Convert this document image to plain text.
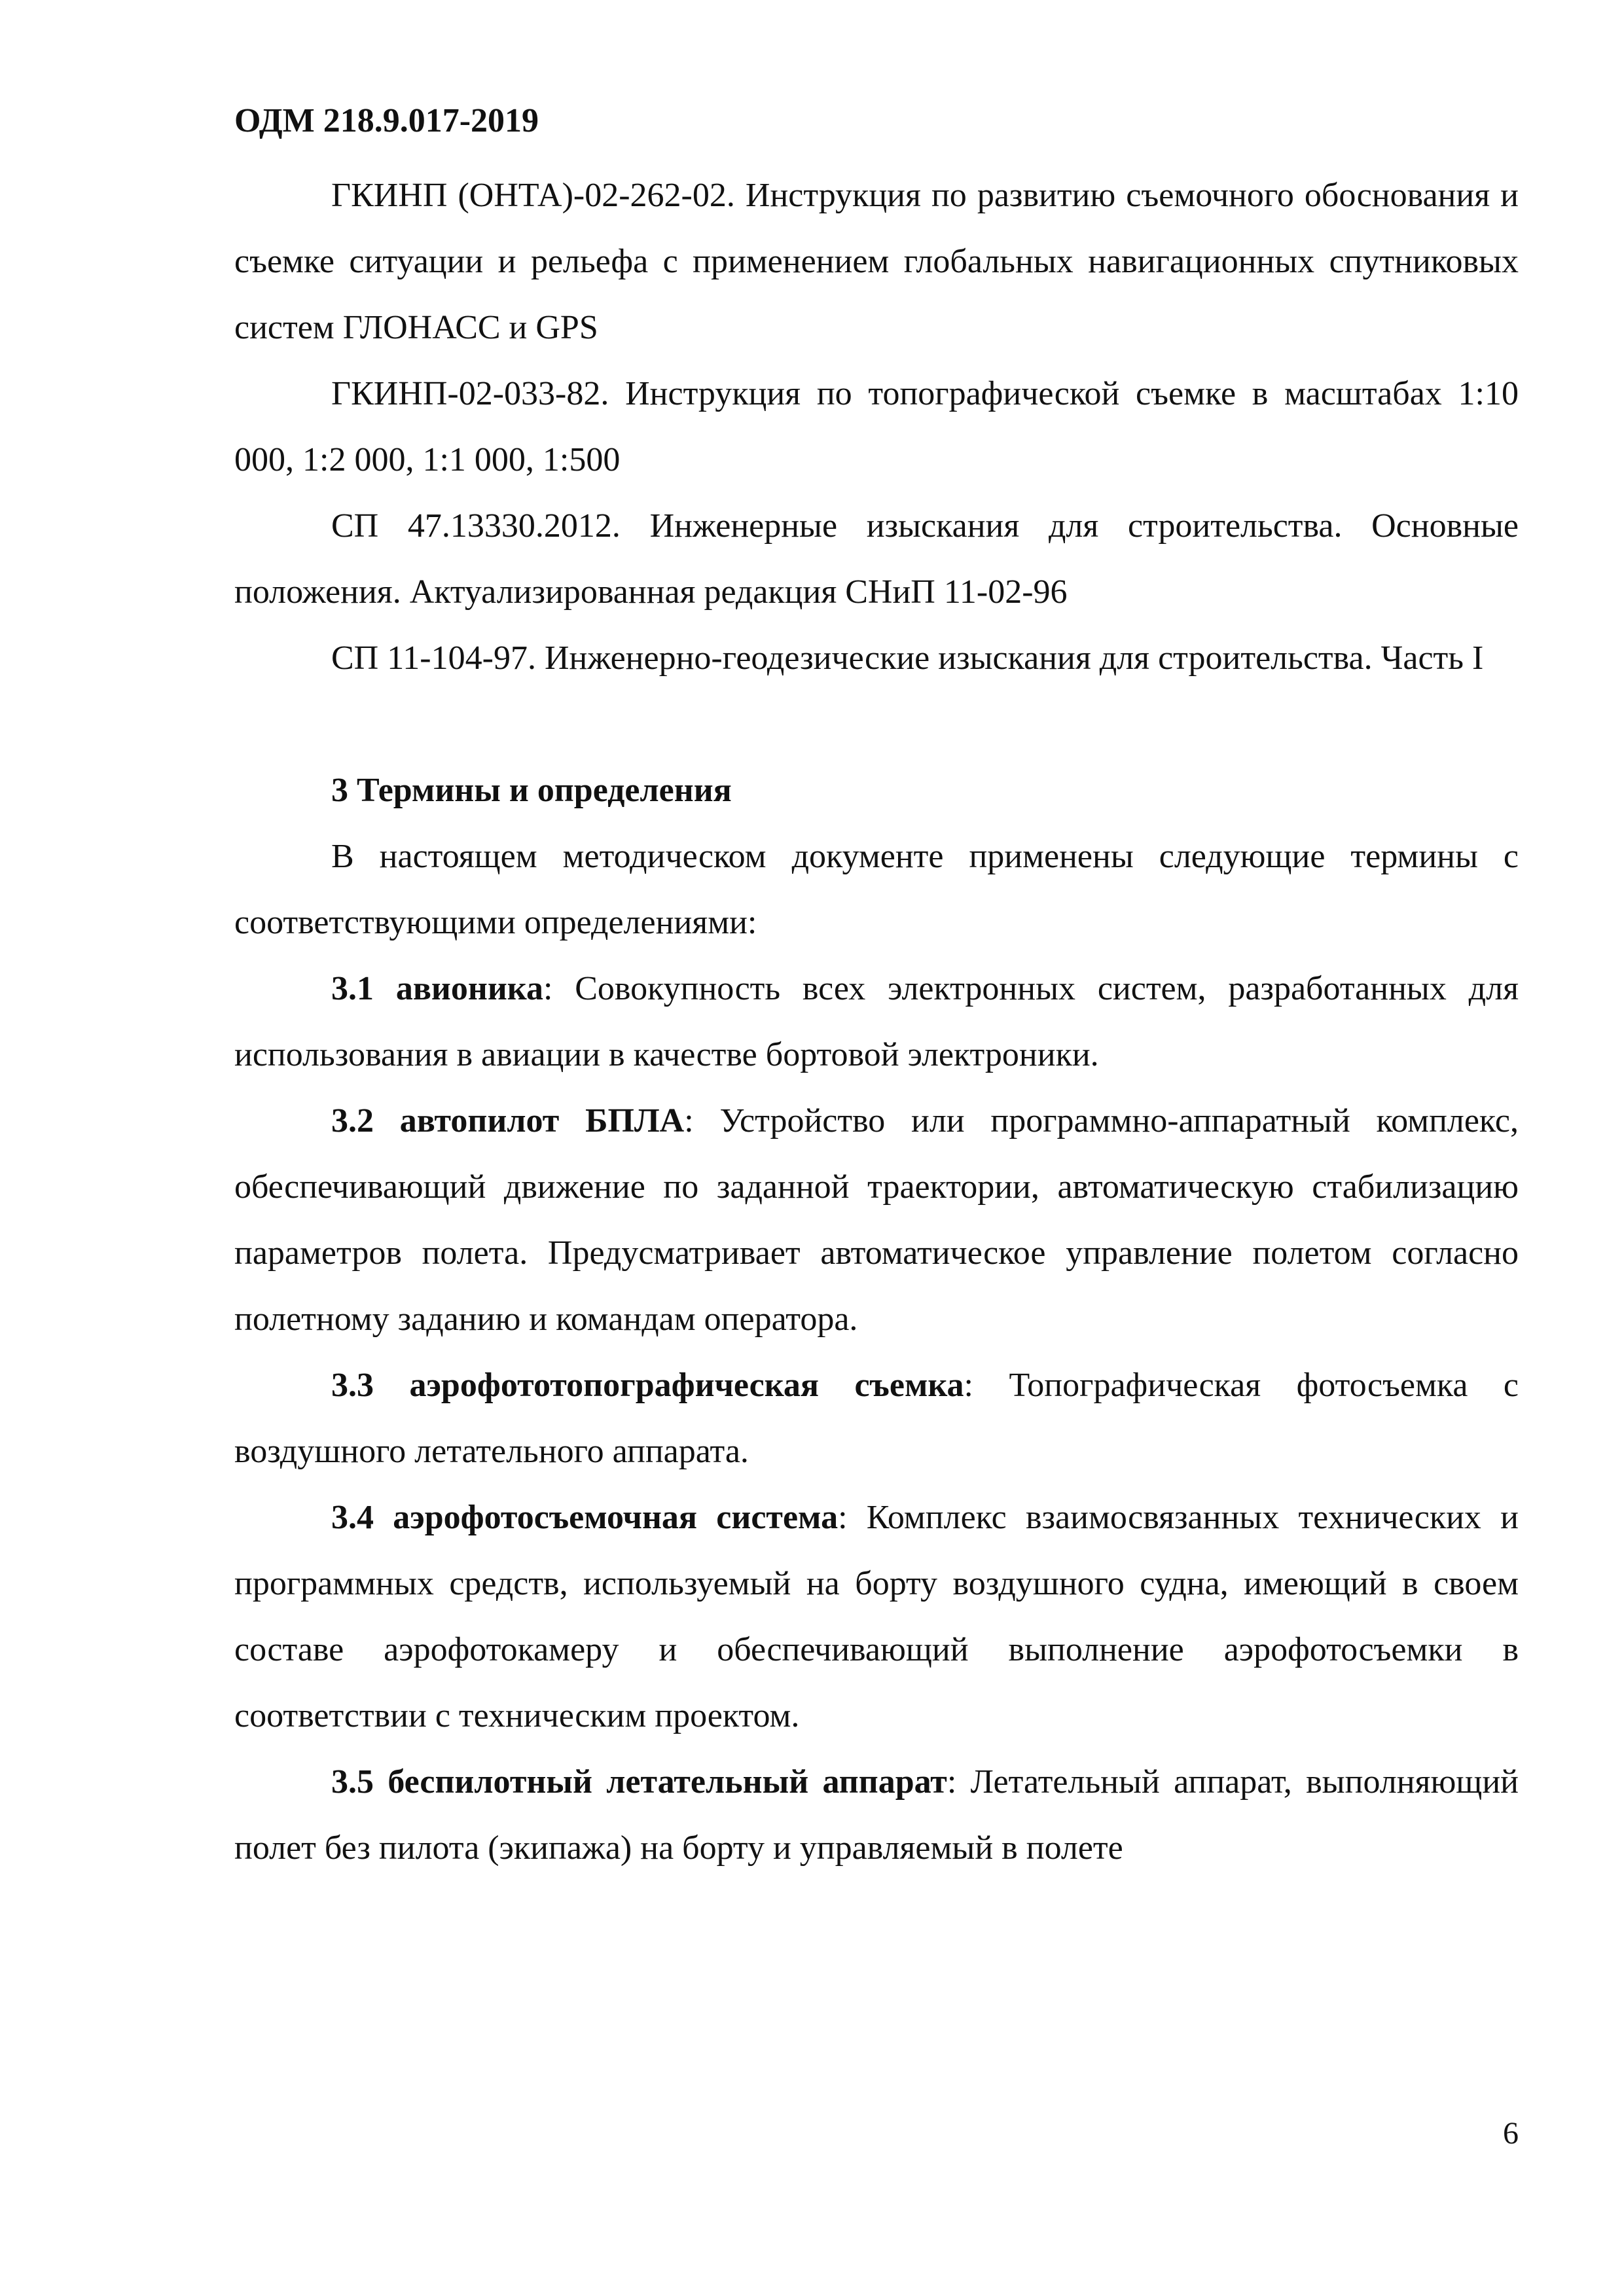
ОДМ 218.9.017-2019

ГКИНП (ОНТА)-02-262-02. Инструкция по развитию съемочного обоснования и съемке ситуации и рельефа с применением глобальных навигационных спутниковых систем ГЛОНАСС и GPS

ГКИНП-02-033-82. Инструкция по топографической съемке в масштабах 1:10 000, 1:2 000, 1:1 000, 1:500

СП 47.13330.2012. Инженерные изыскания для строительства. Основные положения. Актуализированная редакция СНиП 11-02-96

СП 11-104-97. Инженерно-геодезические изыскания для строительства. Часть I

3 Термины и определения

В настоящем методическом документе применены следующие термины с соответствующими определениями:

3.1 авионика: Совокупность всех электронных систем, разработанных для использования в авиации в качестве бортовой электроники.

3.2 автопилот БПЛА: Устройство или программно-аппаратный комплекс, обеспечивающий движение по заданной траектории, автоматическую стабилизацию параметров полета. Предусматривает автоматическое управление полетом согласно полетному заданию и командам оператора.

3.3 аэрофототопографическая съемка: Топографическая фотосъемка с воздушного летательного аппарата.

3.4 аэрофотосъемочная система: Комплекс взаимосвязанных технических и программных средств, используемый на борту воздушного судна, имеющий в своем составе аэрофотокамеру и обеспечивающий выполнение аэрофотосъемки в соответствии с техническим проектом.

3.5 беспилотный летательный аппарат: Летательный аппарат, выполняющий полет без пилота (экипажа) на борту и управляемый в полете

6
